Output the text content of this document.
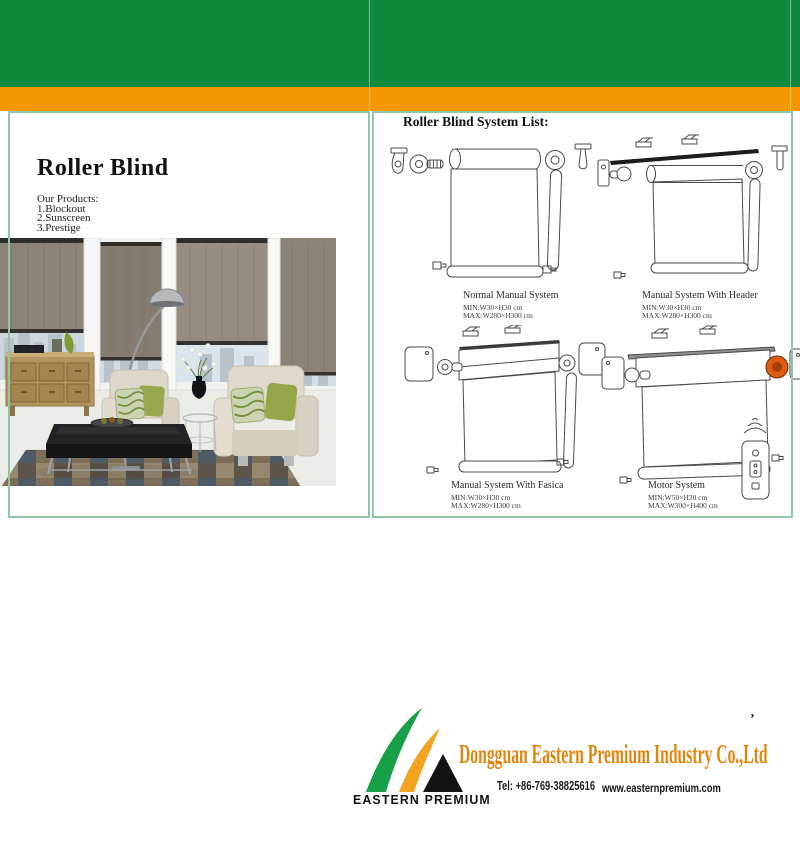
Roller Blind
Our Products:
1.Blockout
2.Sunscreen
3.Prestige
Roller Blind System List:
Normal Manual System
MIN:W30×H30 cm
MAX:W280×H300 cm
Manual System With Header
MIN:W30×H30 cm
MAX:W280×H300 cm
Manual System With Fasica
MIN:W30×H30 cm
MAX:W280×H300 cm
Motor System
MIN:W50×H30 cm
MAX:W300×H400 cm
EASTERN PREMIUM
Dongguan Eastern Premium Industry Co.,Ltd
Tel: +86-769-38825616 www.easternpremium.com
’
